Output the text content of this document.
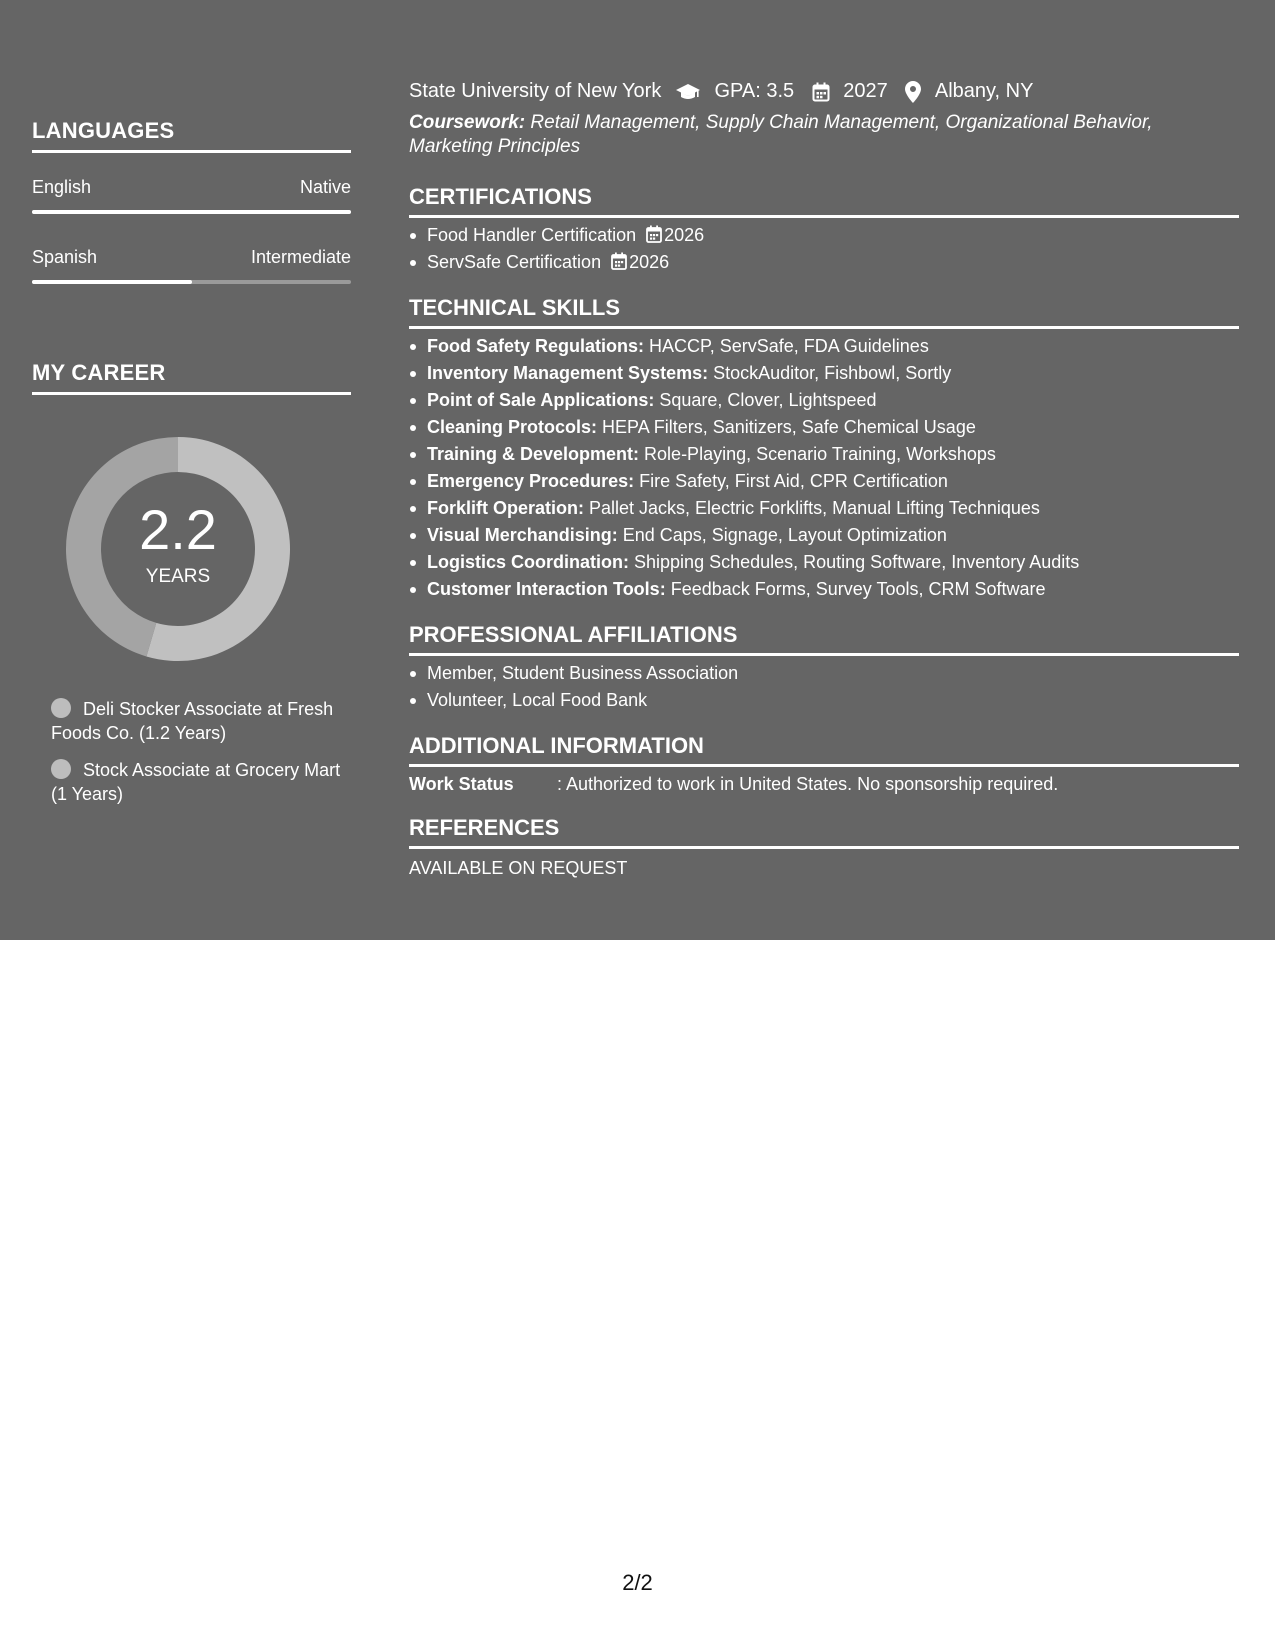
LANGUAGES
English	Native
Spanish	Intermediate
MY CAREER
2.2
YEARS
Deli Stocker Associate at Fresh Foods Co. (1.2 Years)
Stock Associate at Grocery Mart (1 Years)
State University of New York	GPA: 3.5 2027 Albany, NY
Coursework: Retail Management, Supply Chain Management, Organizational Behavior, Marketing Principles
CERTIFICATIONS
Food Handler Certification 2026
ServSafe Certification 2026
TECHNICAL SKILLS
Food Safety Regulations: HACCP, ServSafe, FDA Guidelines
Inventory Management Systems: StockAuditor, Fishbowl, Sortly
Point of Sale Applications: Square, Clover, Lightspeed
Cleaning Protocols: HEPA Filters, Sanitizers, Safe Chemical Usage
Training & Development: Role-Playing, Scenario Training, Workshops
Emergency Procedures: Fire Safety, First Aid, CPR Certification
Forklift Operation: Pallet Jacks, Electric Forklifts, Manual Lifting Techniques
Visual Merchandising: End Caps, Signage, Layout Optimization
Logistics Coordination: Shipping Schedules, Routing Software, Inventory Audits
Customer Interaction Tools: Feedback Forms, Survey Tools, CRM Software
PROFESSIONAL AFFILIATIONS
Member, Student Business Association
Volunteer, Local Food Bank
ADDITIONAL INFORMATION
Work Status : Authorized to work in United States. No sponsorship required.
REFERENCES
AVAILABLE ON REQUEST
2/2
